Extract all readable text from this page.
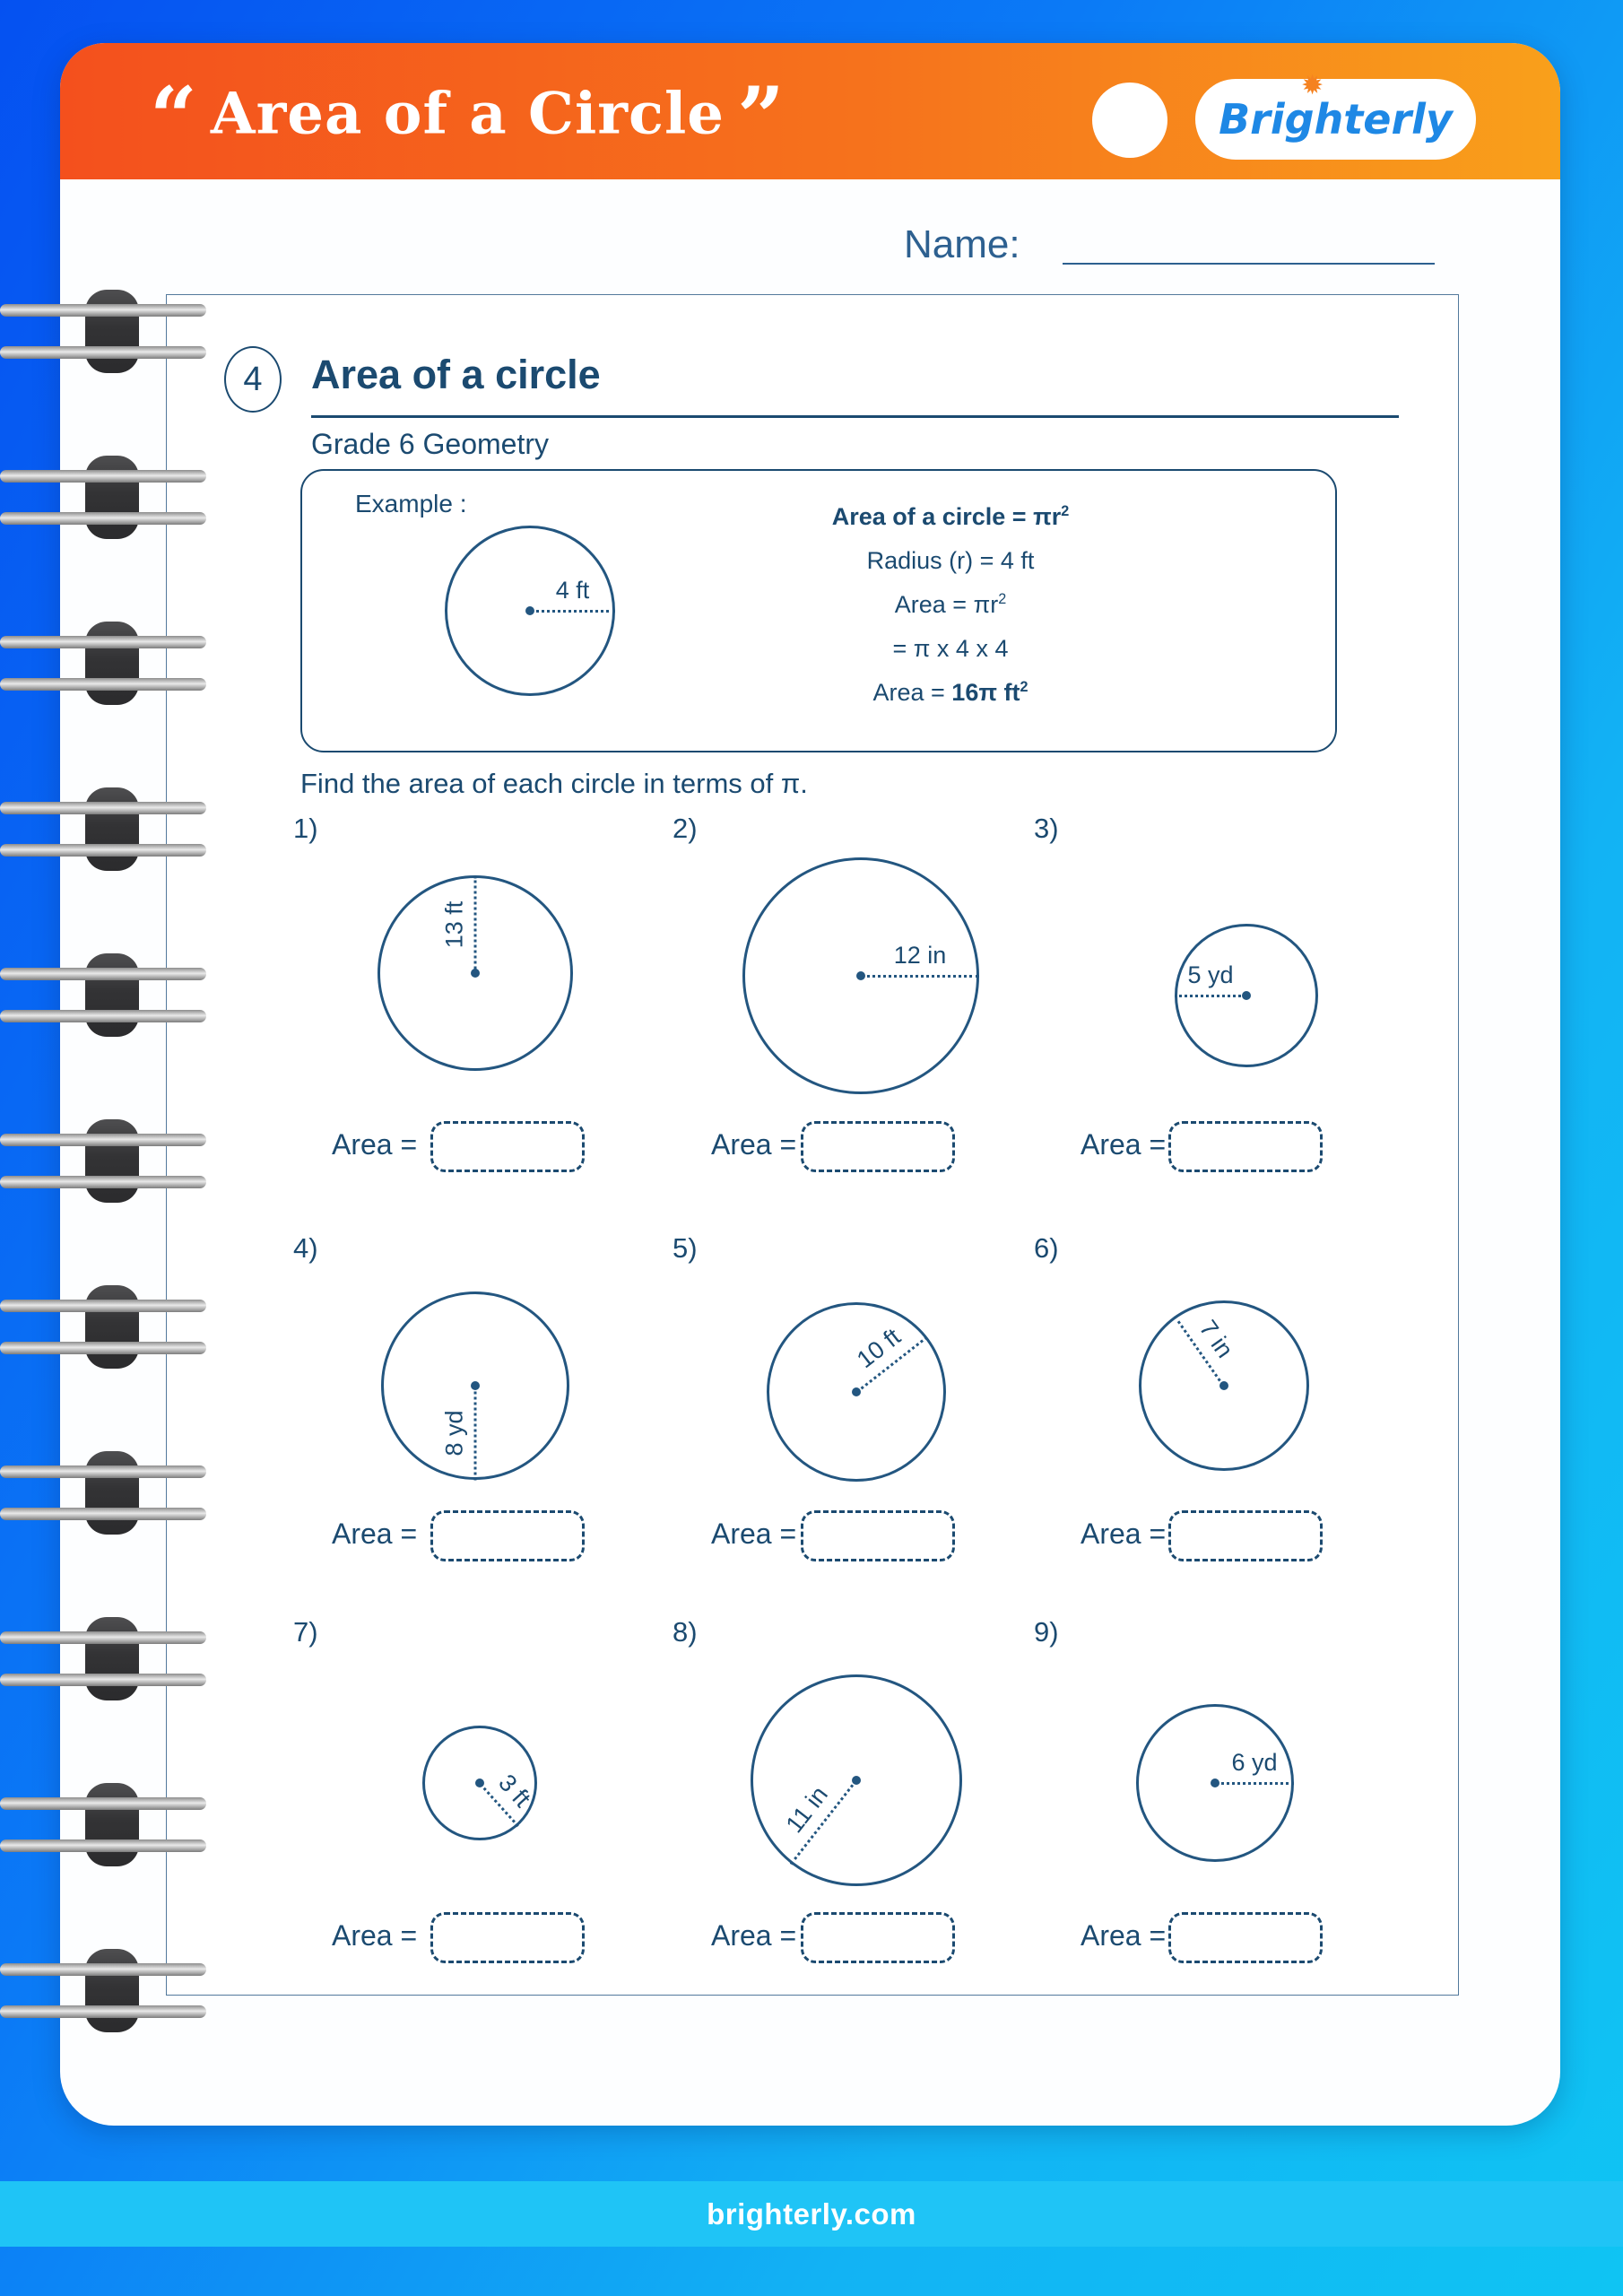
“ Area of a Circle ”	Brighterly
✹
Name:
4	Area of a circle
Grade 6 Geometry
Example :	Area of a circle = $\pi r^2$
Radius (r) = 4 ft
Area = $\pi r^2$
= π x 4 x 4
Area = 16π $ft^2$
Find the area of each circle in terms of π.
1)
Area =
2)
Area =
3)
Area =
4)
Area =
5)
Area =
6)
Area =
7)
Area =
8)
Area =
9)
Area =
brighterly.com
4 ft
13 ft
12 in
5 yd
8 yd
10 ft	7 in
3 ft	11 in
6 yd
